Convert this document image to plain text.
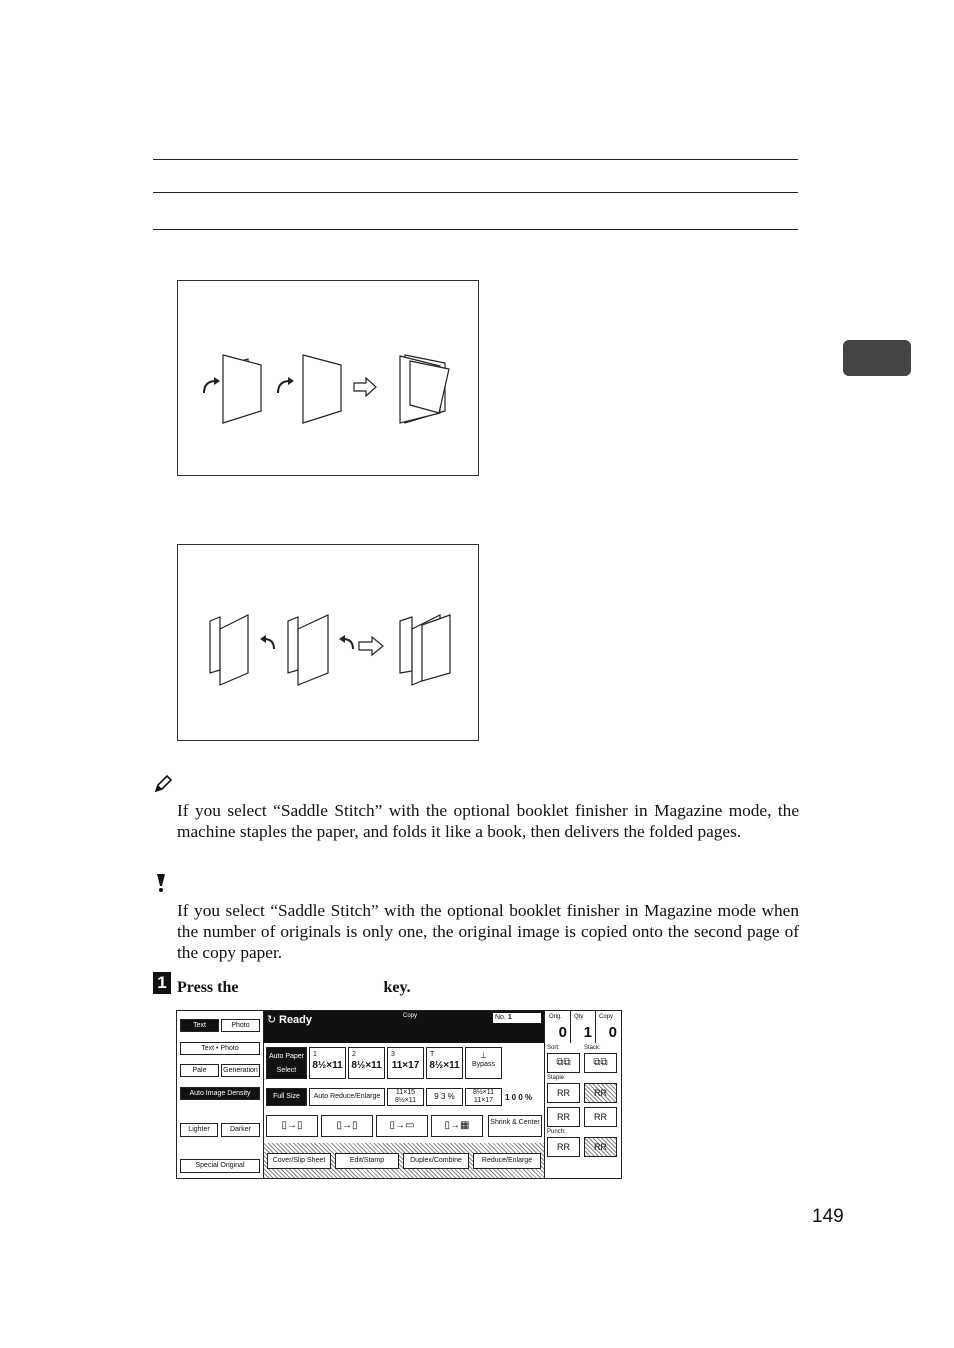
If you select “Saddle Stitch” with the optional booklet finisher in Magazine mode, the machine staples the paper, and folds it like a book, then delivers the folded pages.
If you select “Saddle Stitch” with the optional booklet finisher in Magazine mode when the number of originals is only one, the original image is copied onto the second page of the copy paper.
1 Press the	key.
Text	Photo
Text • Photo
Pale	Generation
Auto Image Density
Lighter	Darker
Special Original
Ready
↻	Copy	No. 1	Orig.
0
Qty
1
Copy
0
Auto Paper Select
1
8½×11
2
8½×11
3
11×17
T
8½×11
⊥
Bypass
Full Size	Auto Reduce/Enlarge
11×15
8½×11	9 3 %	8½×11
11×17	1 0 0 %
▯→▯	▯→▯	▯→▭	▯→▦	Shrink & Center
Cover/Slip Sheet	Edit/Stamp	Duplex/Combine	Reduce/Enlarge
Sort:	Stack:
⧉⧉	⧉⧉
Staple:
RR	RR
RR	RR
Punch:
RR	RR
149
